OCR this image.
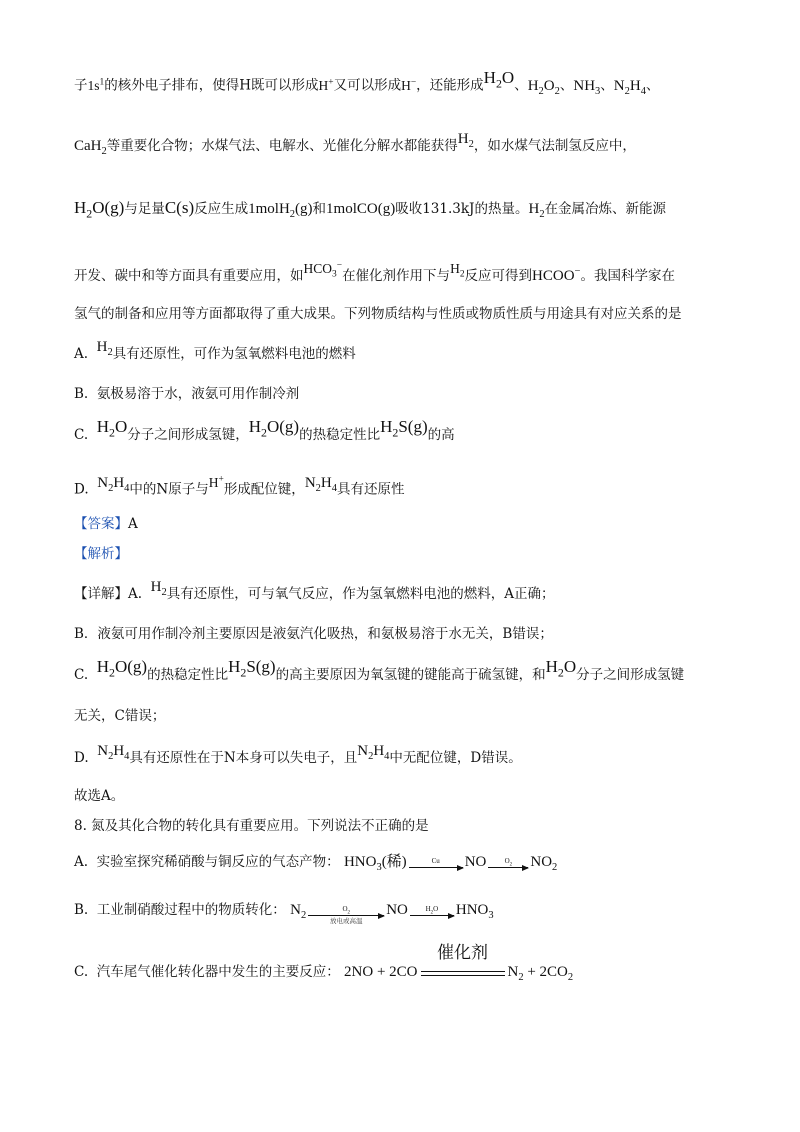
子$1s^1$的核外电子排布，使得H既可以形成H+又可以形成H−，还能形成$H_2O$、$H_2O_2$、$NH_3$、$N_2H_4$、
CaH$_2$等重要化合物；水煤气法、电解水、光催化分解水都能获得$H_2$，如水煤气法制氢反应中，
$H_2O(g)$与足量C(s)反应生成1molH$_2$(g)和1molCO(g)吸收131.3kJ的热量。$H_2$在金属冶炼、新能源
开发、碳中和等方面具有重要应用，如$HCO_3^-$在催化剂作用下与$H_2$反应可得到HCOO−。我国科学家在
氢气的制备和应用等方面都取得了重大成果。下列物质结构与性质或物质性质与用途具有对应关系的是
A. $H_2$具有还原性，可作为氢氧燃料电池的燃料
B. 氨极易溶于水，液氨可用作制冷剂
C. $H_2O$分子之间形成氢键，$H_2O(g)$的热稳定性比$H_2S(g)$的高
D. $N_2H_4$中的N原子与H+形成配位键，$N_2H_4$具有还原性
【答案】A
【解析】
【详解】A. $H_2$具有还原性，可与氧气反应，作为氢氧燃料电池的燃料，A正确；
B．液氨可用作制冷剂主要原因是液氨汽化吸热，和氨极易溶于水无关，B错误；
C. $H_2O(g)$的热稳定性比$H_2S(g)$的高主要原因为氧氢键的键能高于硫氢键，和$H_2O$分子之间形成氢键
无关，C错误；
D. $N_2H_4$具有还原性在于N本身可以失电子，且$N_2H_4$中无配位键，D错误。
故选A。
8. 氮及其化合物的转化具有重要应用。下列说法不正确的是
A. 实验室探究稀硝酸与铜反应的气态产物： $HNO_3$(稀)	Cu NO	$O_2$ $NO_2$
B. 工业制硝酸过程中的物质转化： $N_2O_2$
放电或高温
NO	$H_2O$ $HNO_3$
C. 汽车尾气催化转化器中发生的主要反应： 2NO + 2CO
催化剂
$N_2 + 2CO_2$
